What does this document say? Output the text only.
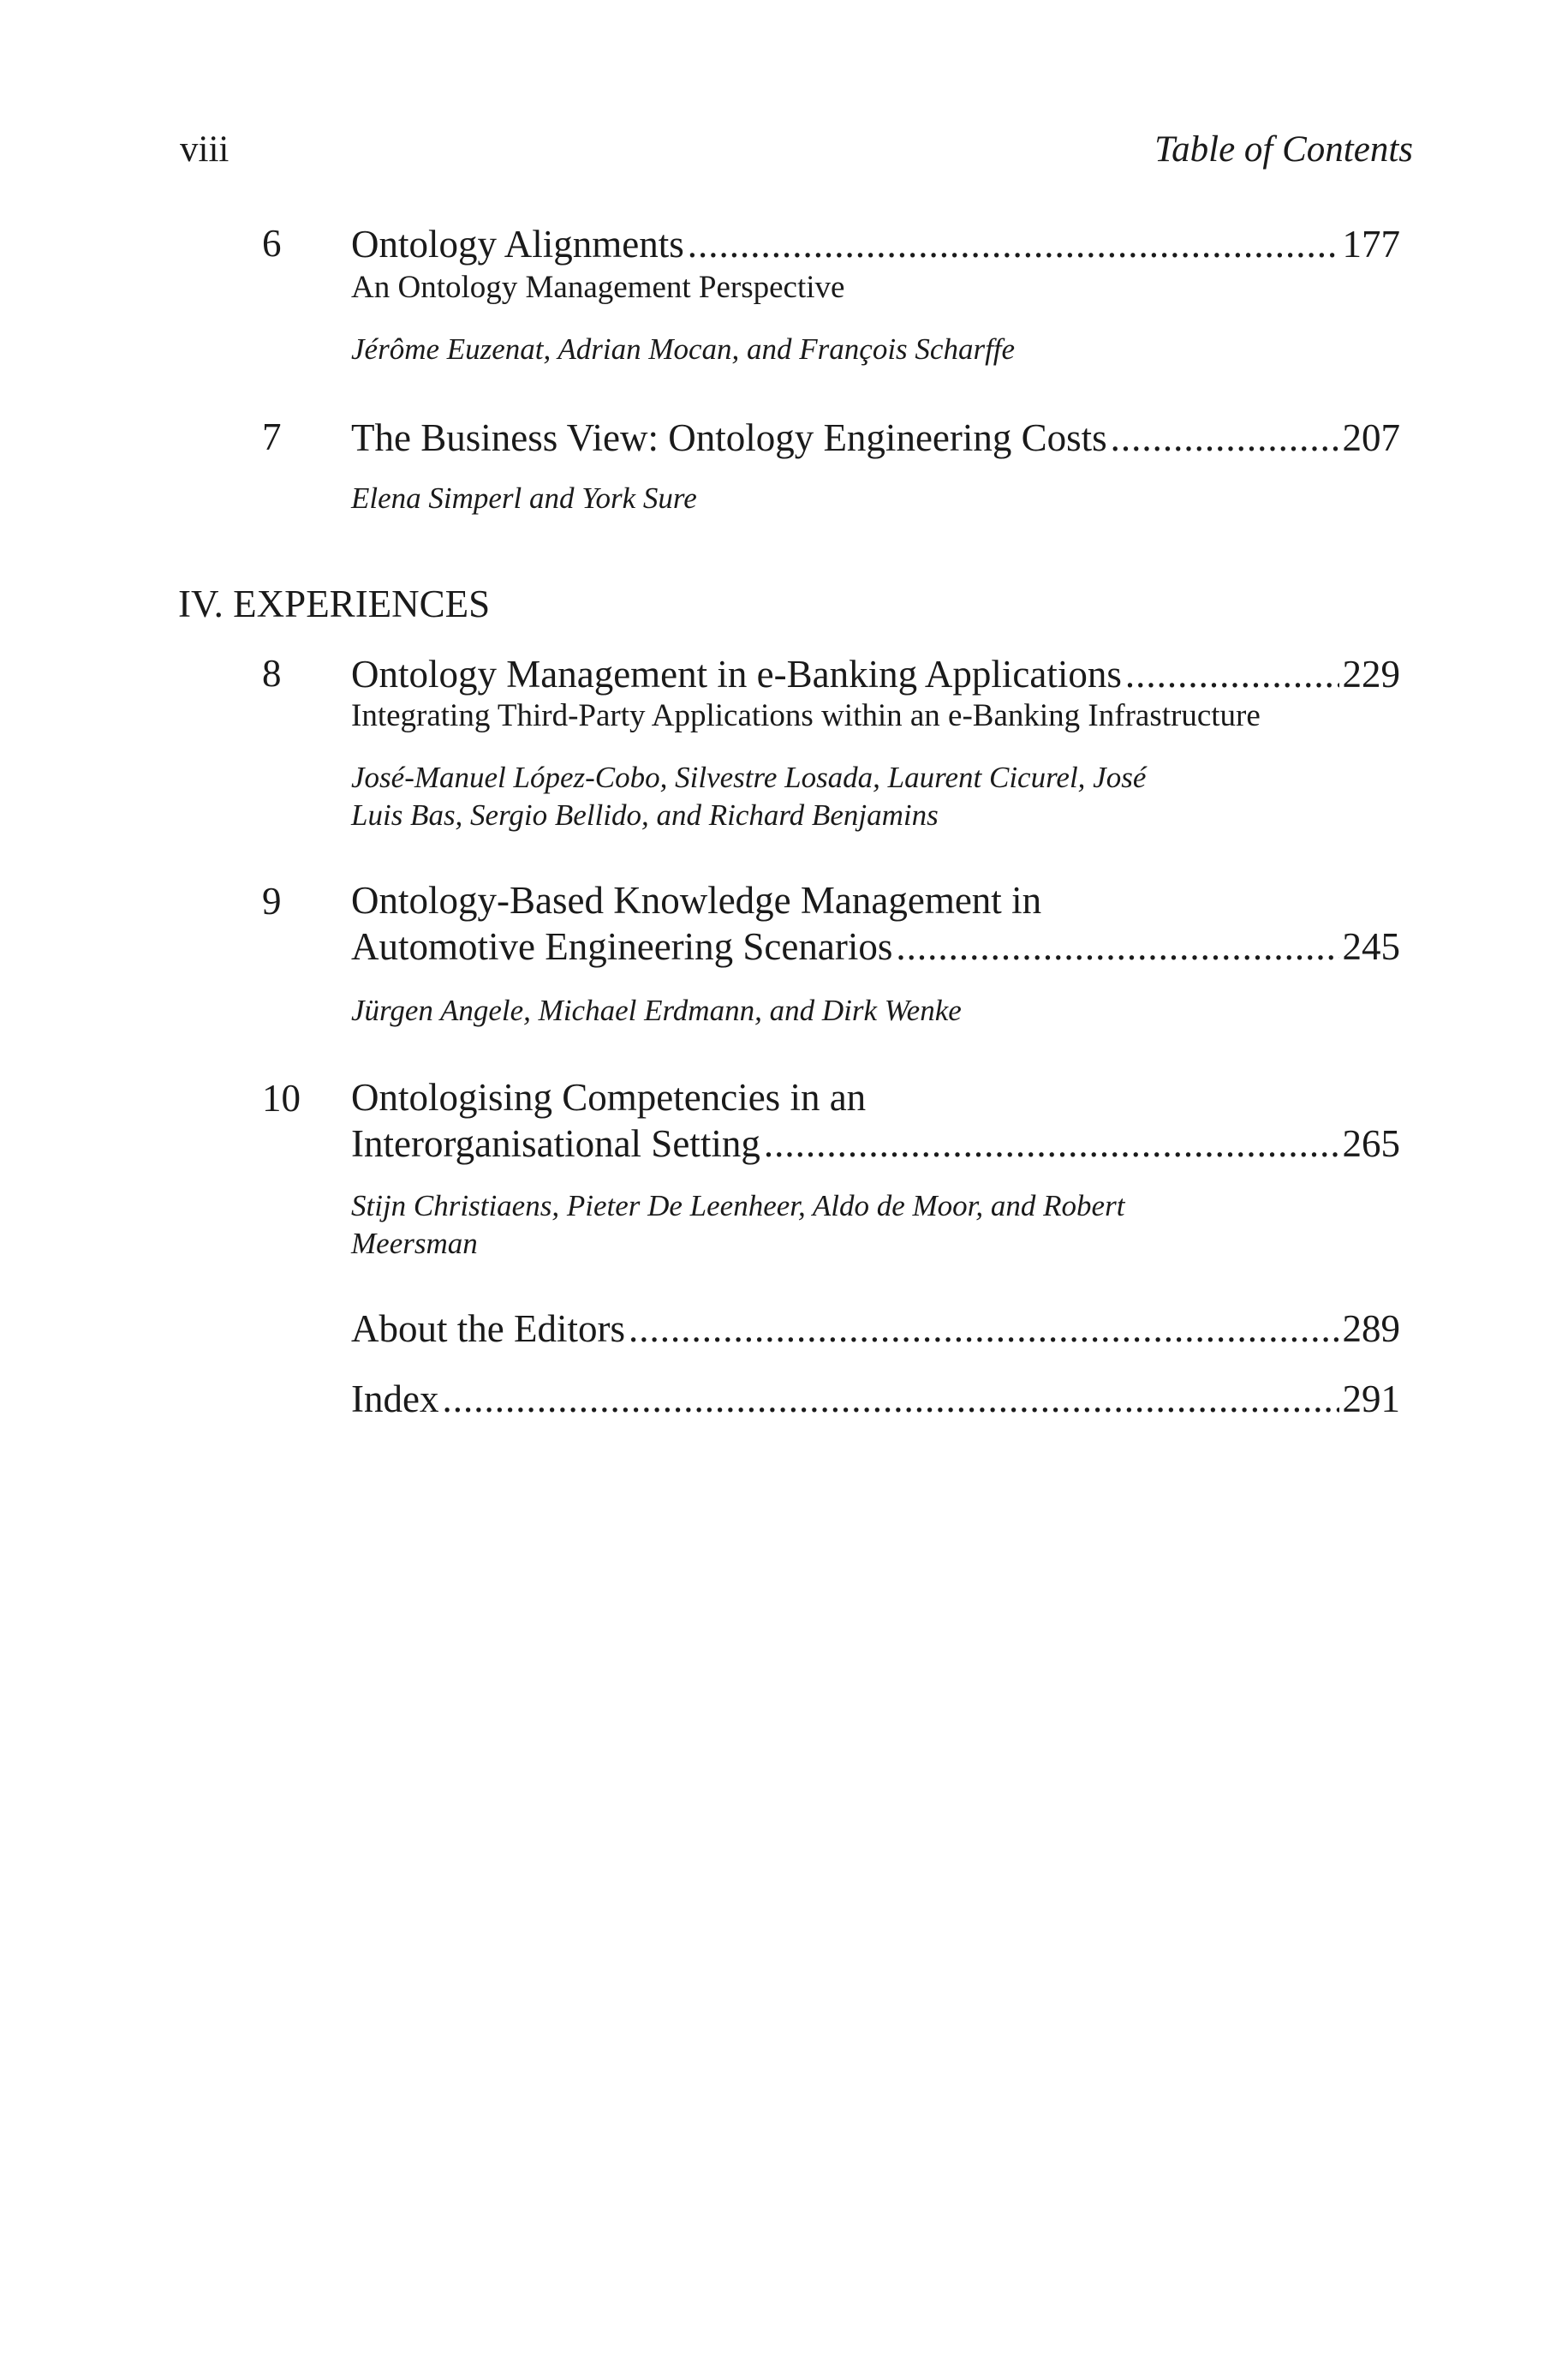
viii	Table of Contents
6 Ontology Alignments .....	177
An Ontology Management Perspective
Jérôme Euzenat, Adrian Mocan, and François Scharffe
7 The Business View: Ontology Engineering Costs .....	207
Elena Simperl and York Sure
IV. EXPERIENCES
8 Ontology Management in e-Banking Applications .....	229
Integrating Third-Party Applications within an e-Banking Infrastructure
José-Manuel López-Cobo, Silvestre Losada, Laurent Cicurel, José
Luis Bas, Sergio Bellido, and Richard Benjamins
9 Ontology-Based Knowledge Management in
Automotive Engineering Scenarios .....	245
Jürgen Angele, Michael Erdmann, and Dirk Wenke
10 Ontologising Competencies in an
Interorganisational Setting .....	265
Stijn Christiaens, Pieter De Leenheer, Aldo de Moor, and Robert
Meersman
About the Editors .....	289
Index .....	291
